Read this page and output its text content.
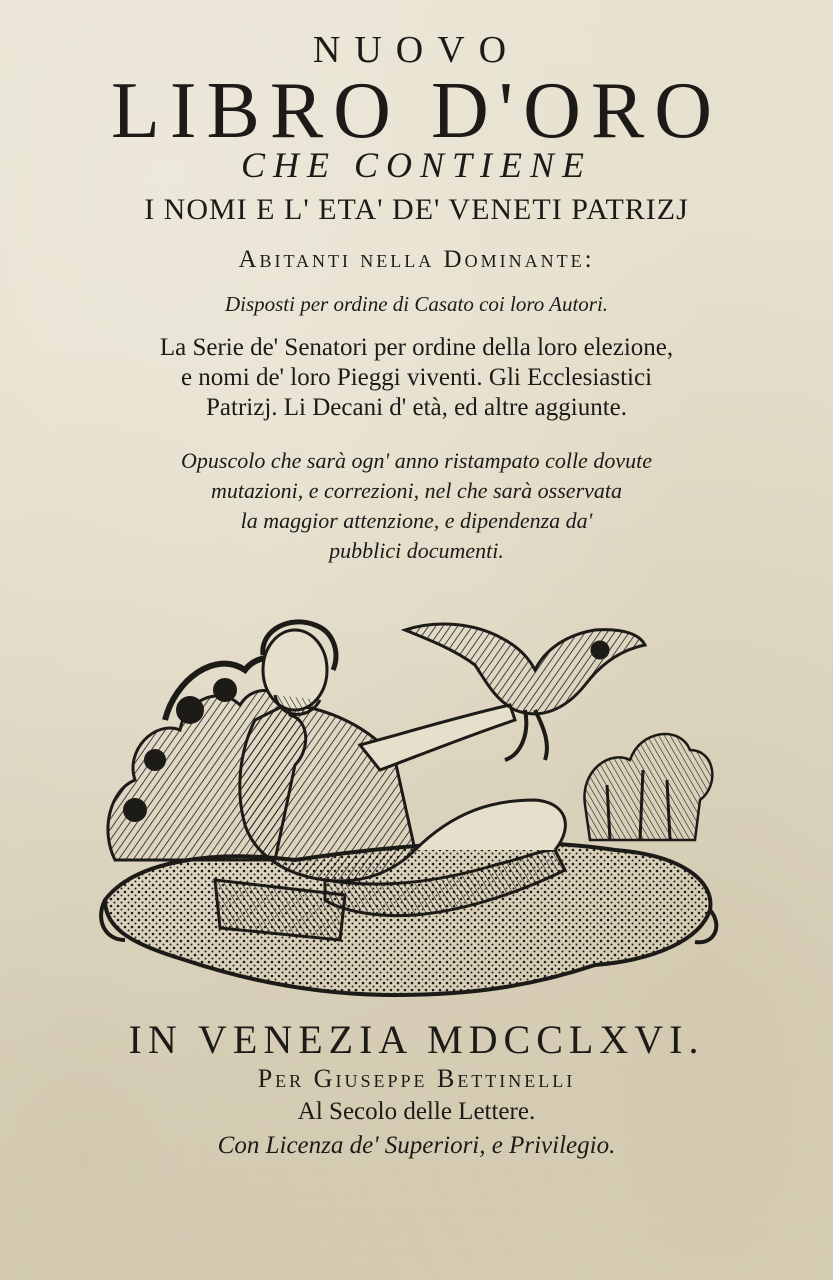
NUOVO
LIBRO D'ORO
CHE CONTIENE
I NOMI E L' ETA' DE' VENETI PATRIZJ
Abitanti nella Dominante:
Disposti per ordine di Casato coi loro Autori.
La Serie de' Senatori per ordine della loro elezione,
e nomi de' loro Pieggi viventi. Gli Ecclesiastici
Patrizj. Li Decani d' età, ed altre aggiunte.
Opuscolo che sarà ogn' anno ristampato colle dovute
mutazioni, e correzioni, nel che sarà osservata
la maggior attenzione, e dipendenza da'
pubblici documenti.
IN VENEZIA MDCCLXVI.
Per Giuseppe Bettinelli
Al Secolo delle Lettere.
Con Licenza de' Superiori, e Privilegio.
